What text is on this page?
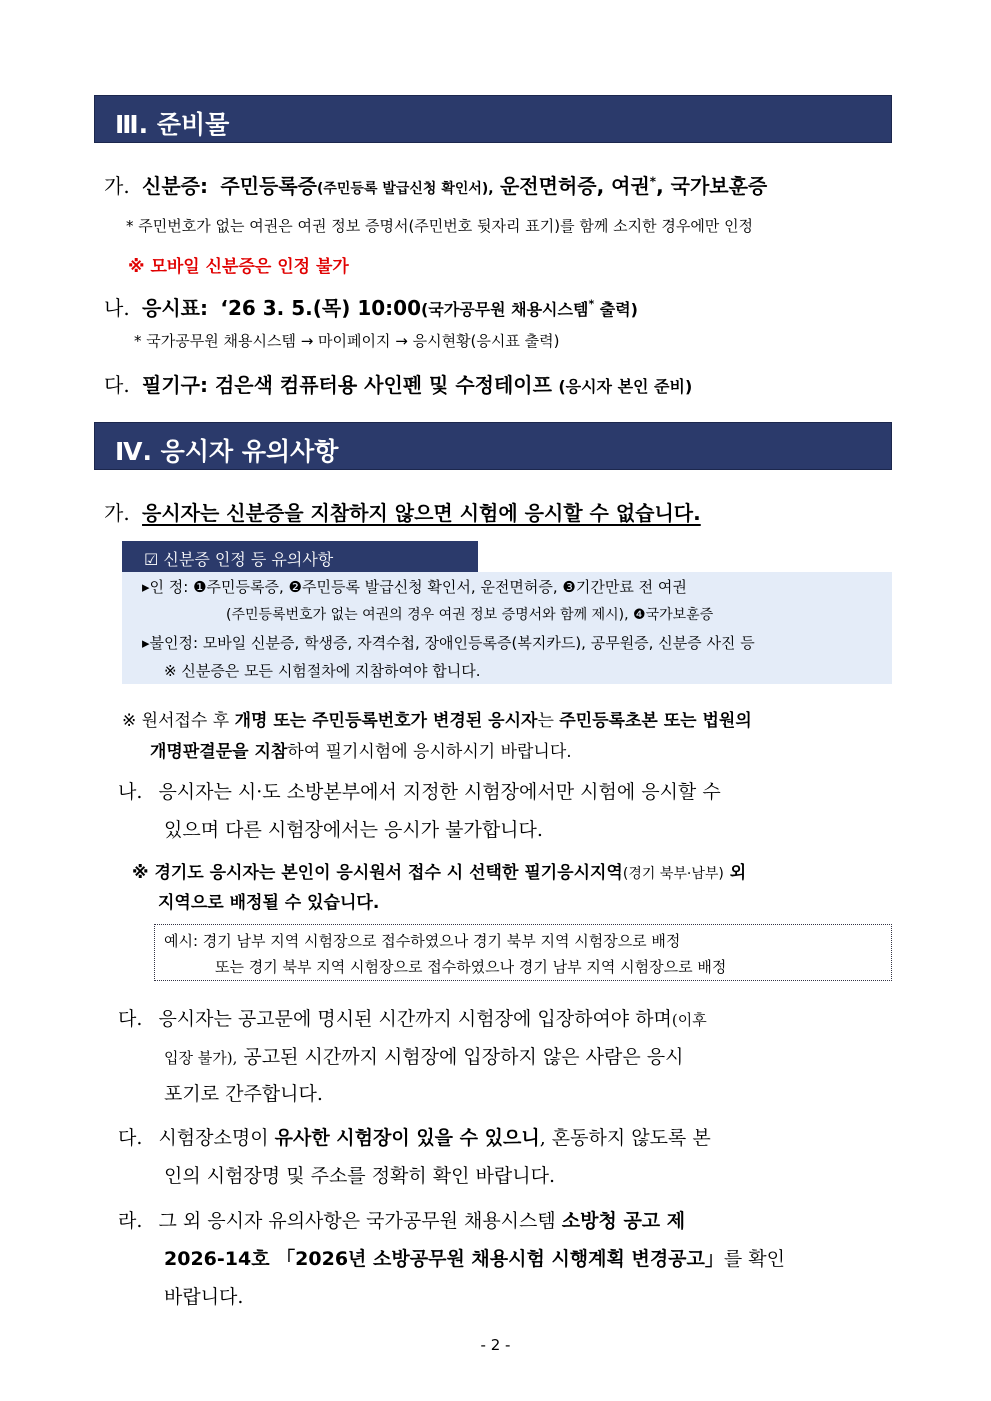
Ⅲ. 준비물
가. 신분증: 주민등록증(주민등록 발급신청 확인서), 운전면허증, 여권*, 국가보훈증
* 주민번호가 없는 여권은 여권 정보 증명서(주민번호 뒷자리 표기)를 함께 소지한 경우에만 인정
※ 모바일 신분증은 인정 불가
나. 응시표: ‘26 3. 5.(목) 10:00(국가공무원 채용시스템* 출력)
* 국가공무원 채용시스템 → 마이페이지 → 응시현황(응시표 출력)
다. 필기구: 검은색 컴퓨터용 사인펜 및 수정테이프 (응시자 본인 준비)
Ⅳ. 응시자 유의사항
가. 응시자는 신분증을 지참하지 않으면 시험에 응시할 수 없습니다.
☑ 신분증 인정 등 유의사항
▸인 정: ❶주민등록증, ❷주민등록 발급신청 확인서, 운전면허증, ❸기간만료 전 여권
(주민등록번호가 없는 여권의 경우 여권 정보 증명서와 함께 제시), ❹국가보훈증
▸불인정: 모바일 신분증, 학생증, 자격수첩, 장애인등록증(복지카드), 공무원증, 신분증 사진 등
※ 신분증은 모든 시험절차에 지참하여야 합니다.
※ 원서접수 후 개명 또는 주민등록번호가 변경된 응시자는 주민등록초본 또는 법원의
개명판결문을 지참하여 필기시험에 응시하시기 바랍니다.
나. 응시자는 시·도 소방본부에서 지정한 시험장에서만 시험에 응시할 수
있으며 다른 시험장에서는 응시가 불가합니다.
※ 경기도 응시자는 본인이 응시원서 접수 시 선택한 필기응시지역(경기 북부·남부) 외
지역으로 배정될 수 있습니다.
예시: 경기 남부 지역 시험장으로 접수하였으나 경기 북부 지역 시험장으로 배정
또는 경기 북부 지역 시험장으로 접수하였으나 경기 남부 지역 시험장으로 배정
다. 응시자는 공고문에 명시된 시간까지 시험장에 입장하여야 하며(이후
입장 불가), 공고된 시간까지 시험장에 입장하지 않은 사람은 응시
포기로 간주합니다.
다. 시험장소명이 유사한 시험장이 있을 수 있으니, 혼동하지 않도록 본
인의 시험장명 및 주소를 정확히 확인 바랍니다.
라. 그 외 응시자 유의사항은 국가공무원 채용시스템 소방청 공고 제
2026-14호 「2026년 소방공무원 채용시험 시행계획 변경공고」를 확인
바랍니다.
- 2 -
